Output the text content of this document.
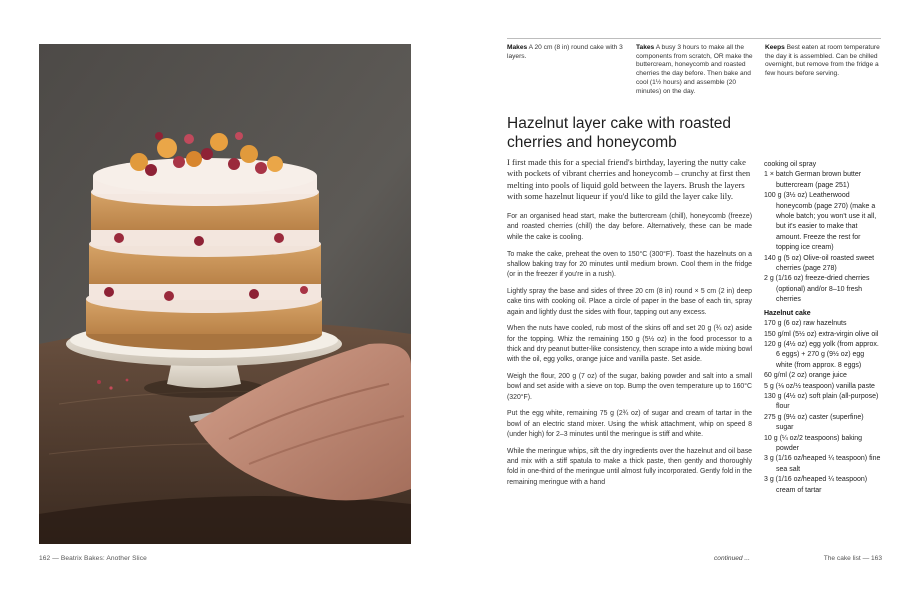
162 — Beatrix Bakes: Another Slice
Makes A 20 cm (8 in) round cake with 3 layers.
Takes A busy 3 hours to make all the components from scratch, OR make the buttercream, honeycomb and roasted cherries the day before. Then bake and cool (1½ hours) and assemble (20 minutes) on the day.
Keeps Best eaten at room temperature the day it is assembled. Can be chilled overnight, but remove from the fridge a few hours before serving.
Hazelnut layer cake with roasted cherries and honeycomb

I first made this for a special friend's birthday, layering the nutty cake with pockets of vibrant cherries and honeycomb – crunchy at first then melting into pools of liquid gold between the layers. Brush the layers with some hazelnut liqueur if you'd like to gild the layer cake lily.

For an organised head start, make the buttercream (chill), honeycomb (freeze) and roasted cherries (chill) the day before. Alternatively, these can be made while the cake is cooling.

To make the cake, preheat the oven to 150°C (300°F). Toast the hazelnuts on a shallow baking tray for 20 minutes until medium brown. Cool them in the fridge (or in the freezer if you're in a rush).

Lightly spray the base and sides of three 20 cm (8 in) round × 5 cm (2 in) deep cake tins with cooking oil. Place a circle of paper in the base of each tin, spray again and lightly dust the sides with flour, tapping out any excess.

When the nuts have cooled, rub most of the skins off and set 20 g (¾ oz) aside for the topping. Whiz the remaining 150 g (5½ oz) in the food processor to a thick and dry peanut butter-like consistency, then scrape into a wide mixing bowl with the oil, egg yolks, orange juice and vanilla paste. Set aside.

Weigh the flour, 200 g (7 oz) of the sugar, baking powder and salt into a small bowl and set aside with a sieve on top. Bump the oven temperature up to 160°C (320°F).

Put the egg white, remaining 75 g (2¾ oz) of sugar and cream of tartar in the bowl of an electric stand mixer. Using the whisk attachment, whip on speed 8 (under high) for 2–3 minutes until the meringue is stiff and white.

While the meringue whips, sift the dry ingredients over the hazelnut and oil base and mix with a stiff spatula to make a thick paste, then gently and thoroughly fold in one-third of the meringue until almost fully incorporated. Gently fold in the remaining meringue with a hand

cooking oil spray
1 × batch German brown butter buttercream (page 251)
100 g (3½ oz) Leatherwood honeycomb (page 270) (make a whole batch; you won't use it all, but it's easier to make that amount. Freeze the rest for topping ice cream)
140 g (5 oz) Olive-oil roasted sweet cherries (page 278)
2 g (1/16 oz) freeze-dried cherries (optional) and/or 8–10 fresh cherries
Hazelnut cake
170 g (6 oz) raw hazelnuts
150 g/ml (5½ oz) extra-virgin olive oil
120 g (4½ oz) egg yolk (from approx. 6 eggs) + 270 g (9½ oz) egg white (from approx. 8 eggs)
60 g/ml (2 oz) orange juice
5 g (⅛ oz/½ teaspoon) vanilla paste
130 g (4½ oz) soft plain (all-purpose) flour
275 g (9½ oz) caster (superfine) sugar
10 g (¼ oz/2 teaspoons) baking powder
3 g (1/16 oz/heaped ¼ teaspoon) fine sea salt
3 g (1/16 oz/heaped ¼ teaspoon) cream of tartar
continued ...	The cake list — 163
